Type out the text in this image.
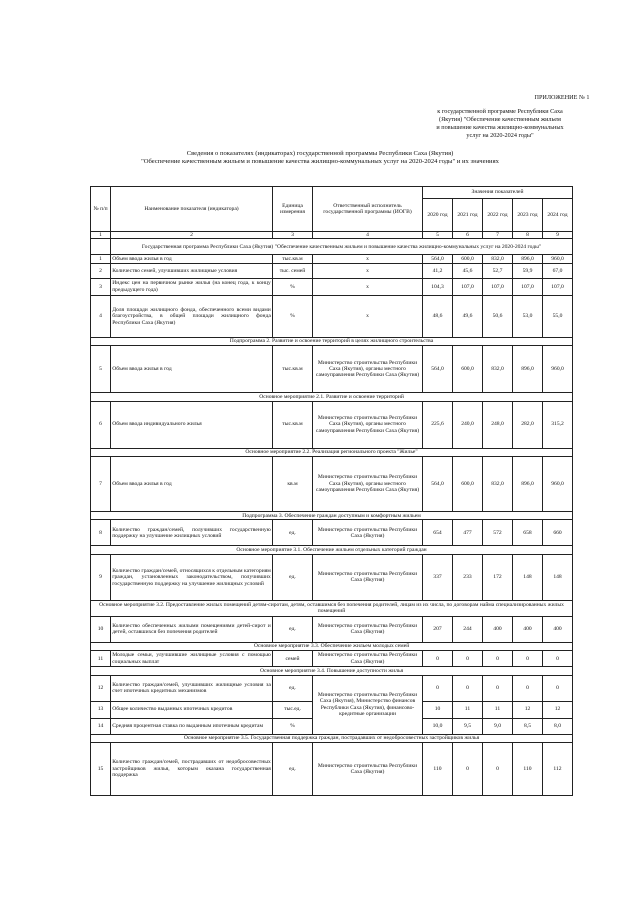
ПРИЛОЖЕНИЕ № 1
к государственной программе Республики Саха
(Якутия) "Обеспечение качественным жильем
и повышение качества жилищно-коммунальных
услуг на 2020-2024 годы"
Сведения о показателях (индикаторах) государственной программы Республики Саха (Якутия)
"Обеспечение качественным жильем и повышение качества жилищно-коммунальных услуг на 2020-2024 годы" и их значениях
№ п/п	Наименование показателя (индикатора)	Единица измерения	Ответственный исполнитель государственной программы (ИОГВ)	Значения показателей				
				2020 год	2021 год	2022 год	2023 год	2024 год
1	2	3	4	5	6	7	8	9
	Государственная программа Республики Саха (Якутия) "Обеспечение качественным жильем и повышение качества жилищно-коммунальных услуг на 2020-2024 годы"							
1	Объем ввода жилья в год	тыс.кв.м	х	564,0	600,0	832,0	896,0	960,0
2	Количество семей, улучшивших жилищные условия	тыс. семей	х	41,2	45,6	52,7	59,9	67,0
3	Индекс цен на первичном рынке жилья (на конец года, к концу предыдущего года)	%	х	104,3	107,0	107,0	107,0	107,0
4	Доля площади жилищного фонда, обеспеченного всеми видами благоустройства, в общей площади жилищного фонда Республики Саха (Якутия)	%	х	48,6	49,6	50,6	53,0	55,0
Подпрограмма 2. Развитие и освоение территорий в целях жилищного строительства								
5	Объем ввода жилья в год	тыс.кв.м	Министерство строительства Республики Саха (Якутия), органы местного самоуправления Республики Саха (Якутия)	564,0	600,0	832,0	896,0	960,0
Основное мероприятие 2.1. Развитие и освоение территорий								
6	Объем ввода индивидуального жилья	тыс.кв.м	Министерство строительства Республики Саха (Якутия), органы местного самоуправления Республики Саха (Якутия)	225,6	240,0	248,0	282,0	315,2
Основное мероприятие 2.2. Реализация регионального проекта "Жилье"								
7	Объем ввода жилья в год	кв.м	Министерство строительства Республики Саха (Якутия), органы местного самоуправления Республики Саха (Якутия)	564,0	600,0	832,0	896,0	960,0
Подпрограмма 3. Обеспечение граждан доступным и комфортным жильем								
8	Количество граждан/семей, получивших государственную поддержку на улучшение жилищных условий	ед.	Министерство строительства Республики Саха (Якутия)	654	477	572	658	660
Основное мероприятие 3.1. Обеспечение жильем отдельных категорий граждан								
9	Количество граждан/семей, относящихся к отдельным категориям граждан, установленных законодательством, получивших государственную поддержку на улучшение жилищных условий	ед.	Министерство строительства Республики Саха (Якутия)	337	233	172	148	148
Основное мероприятие 3.2. Предоставление жилых помещений детям-сиротам, детям, оставшимся без попечения родителей, лицам из их числа, по договорам найма специализированных жилых помещений								
10	Количество обеспеченных жилыми помещениями детей-сирот и детей, оставшихся без попечения родителей	ед.	Министерство строительства Республики Саха (Якутия)	207	244	400	400	400
Основное мероприятие 3.3. Обеспечение жильем молодых семей								
11	Молодые семьи, улучшившие жилищные условия с помощью социальных выплат	семей	Министерство строительства Республики Саха (Якутия)	0	0	0	0	0
Основное мероприятие 3.4. Повышение доступности жилья								
12	Количество граждан/семей, улучшивших жилищные условия за счет ипотечных кредитных механизмов	ед.	Министерство строительства Республики Саха (Якутия), Министерство финансов Республики Саха (Якутия), финансово-кредитные организации	0	0	0	0	0
13	Общее количество выданных ипотечных кредитов	тыс.ед.		10	11	11	12	12
14	Средняя процентная ставка по выданным ипотечным кредитам	%		10,0	9,5	9,0	8,5	8,0
Основное мероприятие 3.5. Государственная поддержка граждан, пострадавших от недобросовестных застройщиков жилья								
15	Количество граждан/семей, пострадавших от недобросовестных застройщиков жилья, которым оказана государственная поддержка	ед.	Министерство строительства Республики Саха (Якутия)	110	0	0	110	112
